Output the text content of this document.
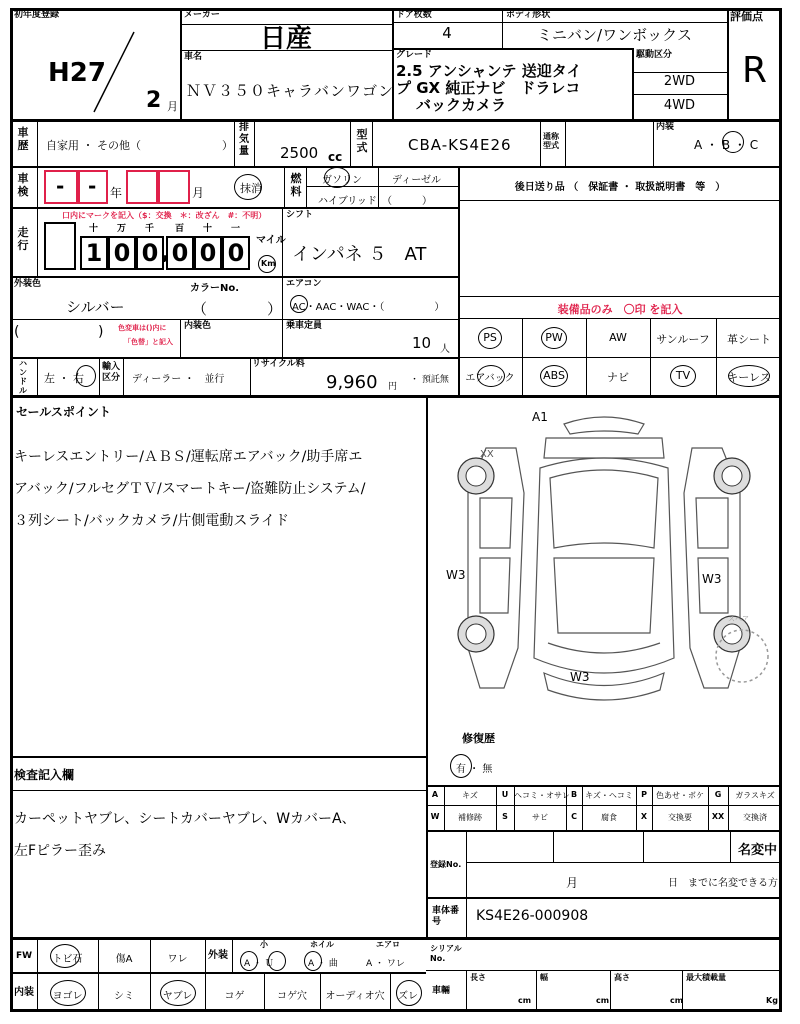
初年度登録
H27
2 月
メーカー
日産
ドア枚数
4
ボディ形状
ミニバン/ワンボックス
評価点
R
車名
ＮＶ３５０キャラバンワゴン
グレード
2.5 アンシャンテ 送迎タイ
プ GX 純正ナビ　ドラレコ
バックカメラ
駆動区分
2WD
4WD
車歴 自家用 ・ その他（	）
排気量 2500 cc
型式	CBA-KS4E26	通称型式
内装
A ・ B ・ C
車検 - - 年	月	抹消
燃料
ガソリン	ディーゼル
ハイブリッド （　　　）
後日送り品 （　保証書 ・ 取扱説明書　等　）
走行
口内にマークを記入（$：交換　＊：改ざん　#：不明）
十
1
万
0
千
0
百
0
十
0
一
0
,	マイル
Km
シフト
インパネ ５　AT
外装色
シルバー
カラーNo.
（　　　　）
エアコン
AC・AAC・WAC・（　　　　　）	装備品のみ　〇印 を記入
(	) 色変車は()内に
「色替」と記入
内装色	乗車定員
10 人
PS	PW	AW	サンルーフ	革シート
エアバック	ABS	ナビ	TV	キーレス
ハンドル
左 ・ 右
輸入区分 ディーラー ・　並行
リサイクル料
9,960 円
・ 預託無
セールスポイント
キーレスエントリー/ＡＢＳ/運転席エアバック/助手席エ
アバック/フルセグＴＶ/スマートキー/盗難防止システム/
３列シート/バックカメラ/片側電動スライド
A1
XX
W3	W3
W3
スペア
修復歴
有 ・ 無
A	キズ	U ヘコミ・オサレ B	キズ・ヘコミ	P	色あせ・ボケ	G	ガラスキズ
W	補修跡	S	サビ	C	腐食	X	交換要	XX	交換済
検査記入欄
カーペットヤブレ、シートカバーヤブレ、WカバーA、
左Fピラー歪み
登録No.
名変中
月	日　までに名変できる方
車体番号	KS4E26-000908
シリアルNo.
車輛
長さ
cm
幅
cm
高さ
cm
最大積載量
Kg
FW	トビ石	傷A	ワレ	外装
小	ホイル	エアロ
A ・ Ｕ	A ・ 曲	A ・ ワレ
内装	ヨゴレ	シミ	ヤブレ	コゲ	コゲ穴	オーディオ穴	ズレ
